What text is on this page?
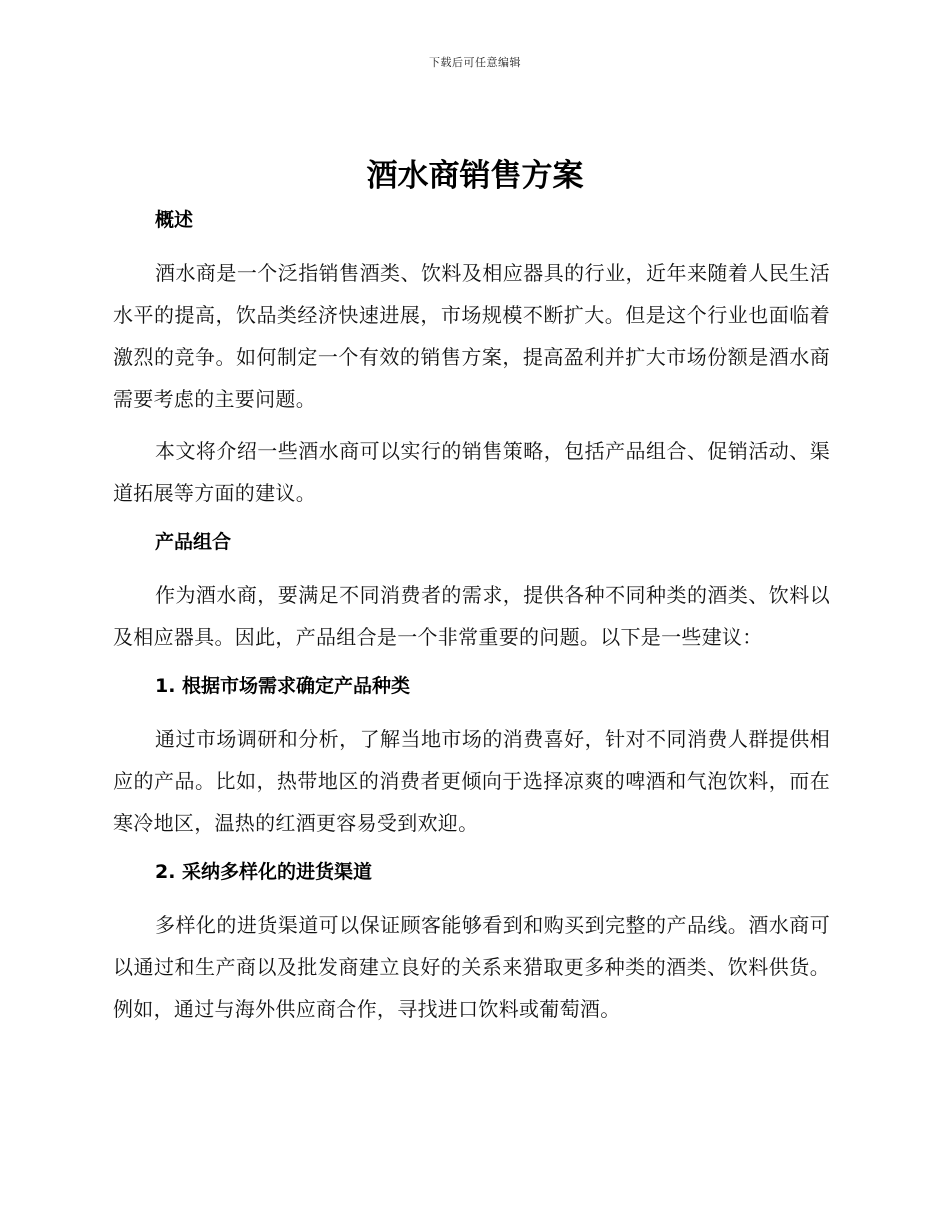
下载后可任意编辑
酒水商销售方案
概述

酒水商是一个泛指销售酒类、饮料及相应器具的行业，近年来随着人民生活水平的提高，饮品类经济快速进展，市场规模不断扩大。但是这个行业也面临着激烈的竞争。如何制定一个有效的销售方案，提高盈利并扩大市场份额是酒水商需要考虑的主要问题。

本文将介绍一些酒水商可以实行的销售策略，包括产品组合、促销活动、渠道拓展等方面的建议。

产品组合

作为酒水商，要满足不同消费者的需求，提供各种不同种类的酒类、饮料以及相应器具。因此，产品组合是一个非常重要的问题。以下是一些建议：

1. 根据市场需求确定产品种类

通过市场调研和分析，了解当地市场的消费喜好，针对不同消费人群提供相应的产品。比如，热带地区的消费者更倾向于选择凉爽的啤酒和气泡饮料，而在寒冷地区，温热的红酒更容易受到欢迎。

2. 采纳多样化的进货渠道

多样化的进货渠道可以保证顾客能够看到和购买到完整的产品线。酒水商可以通过和生产商以及批发商建立良好的关系来猎取更多种类的酒类、饮料供货。例如，通过与海外供应商合作，寻找进口饮料或葡萄酒。
